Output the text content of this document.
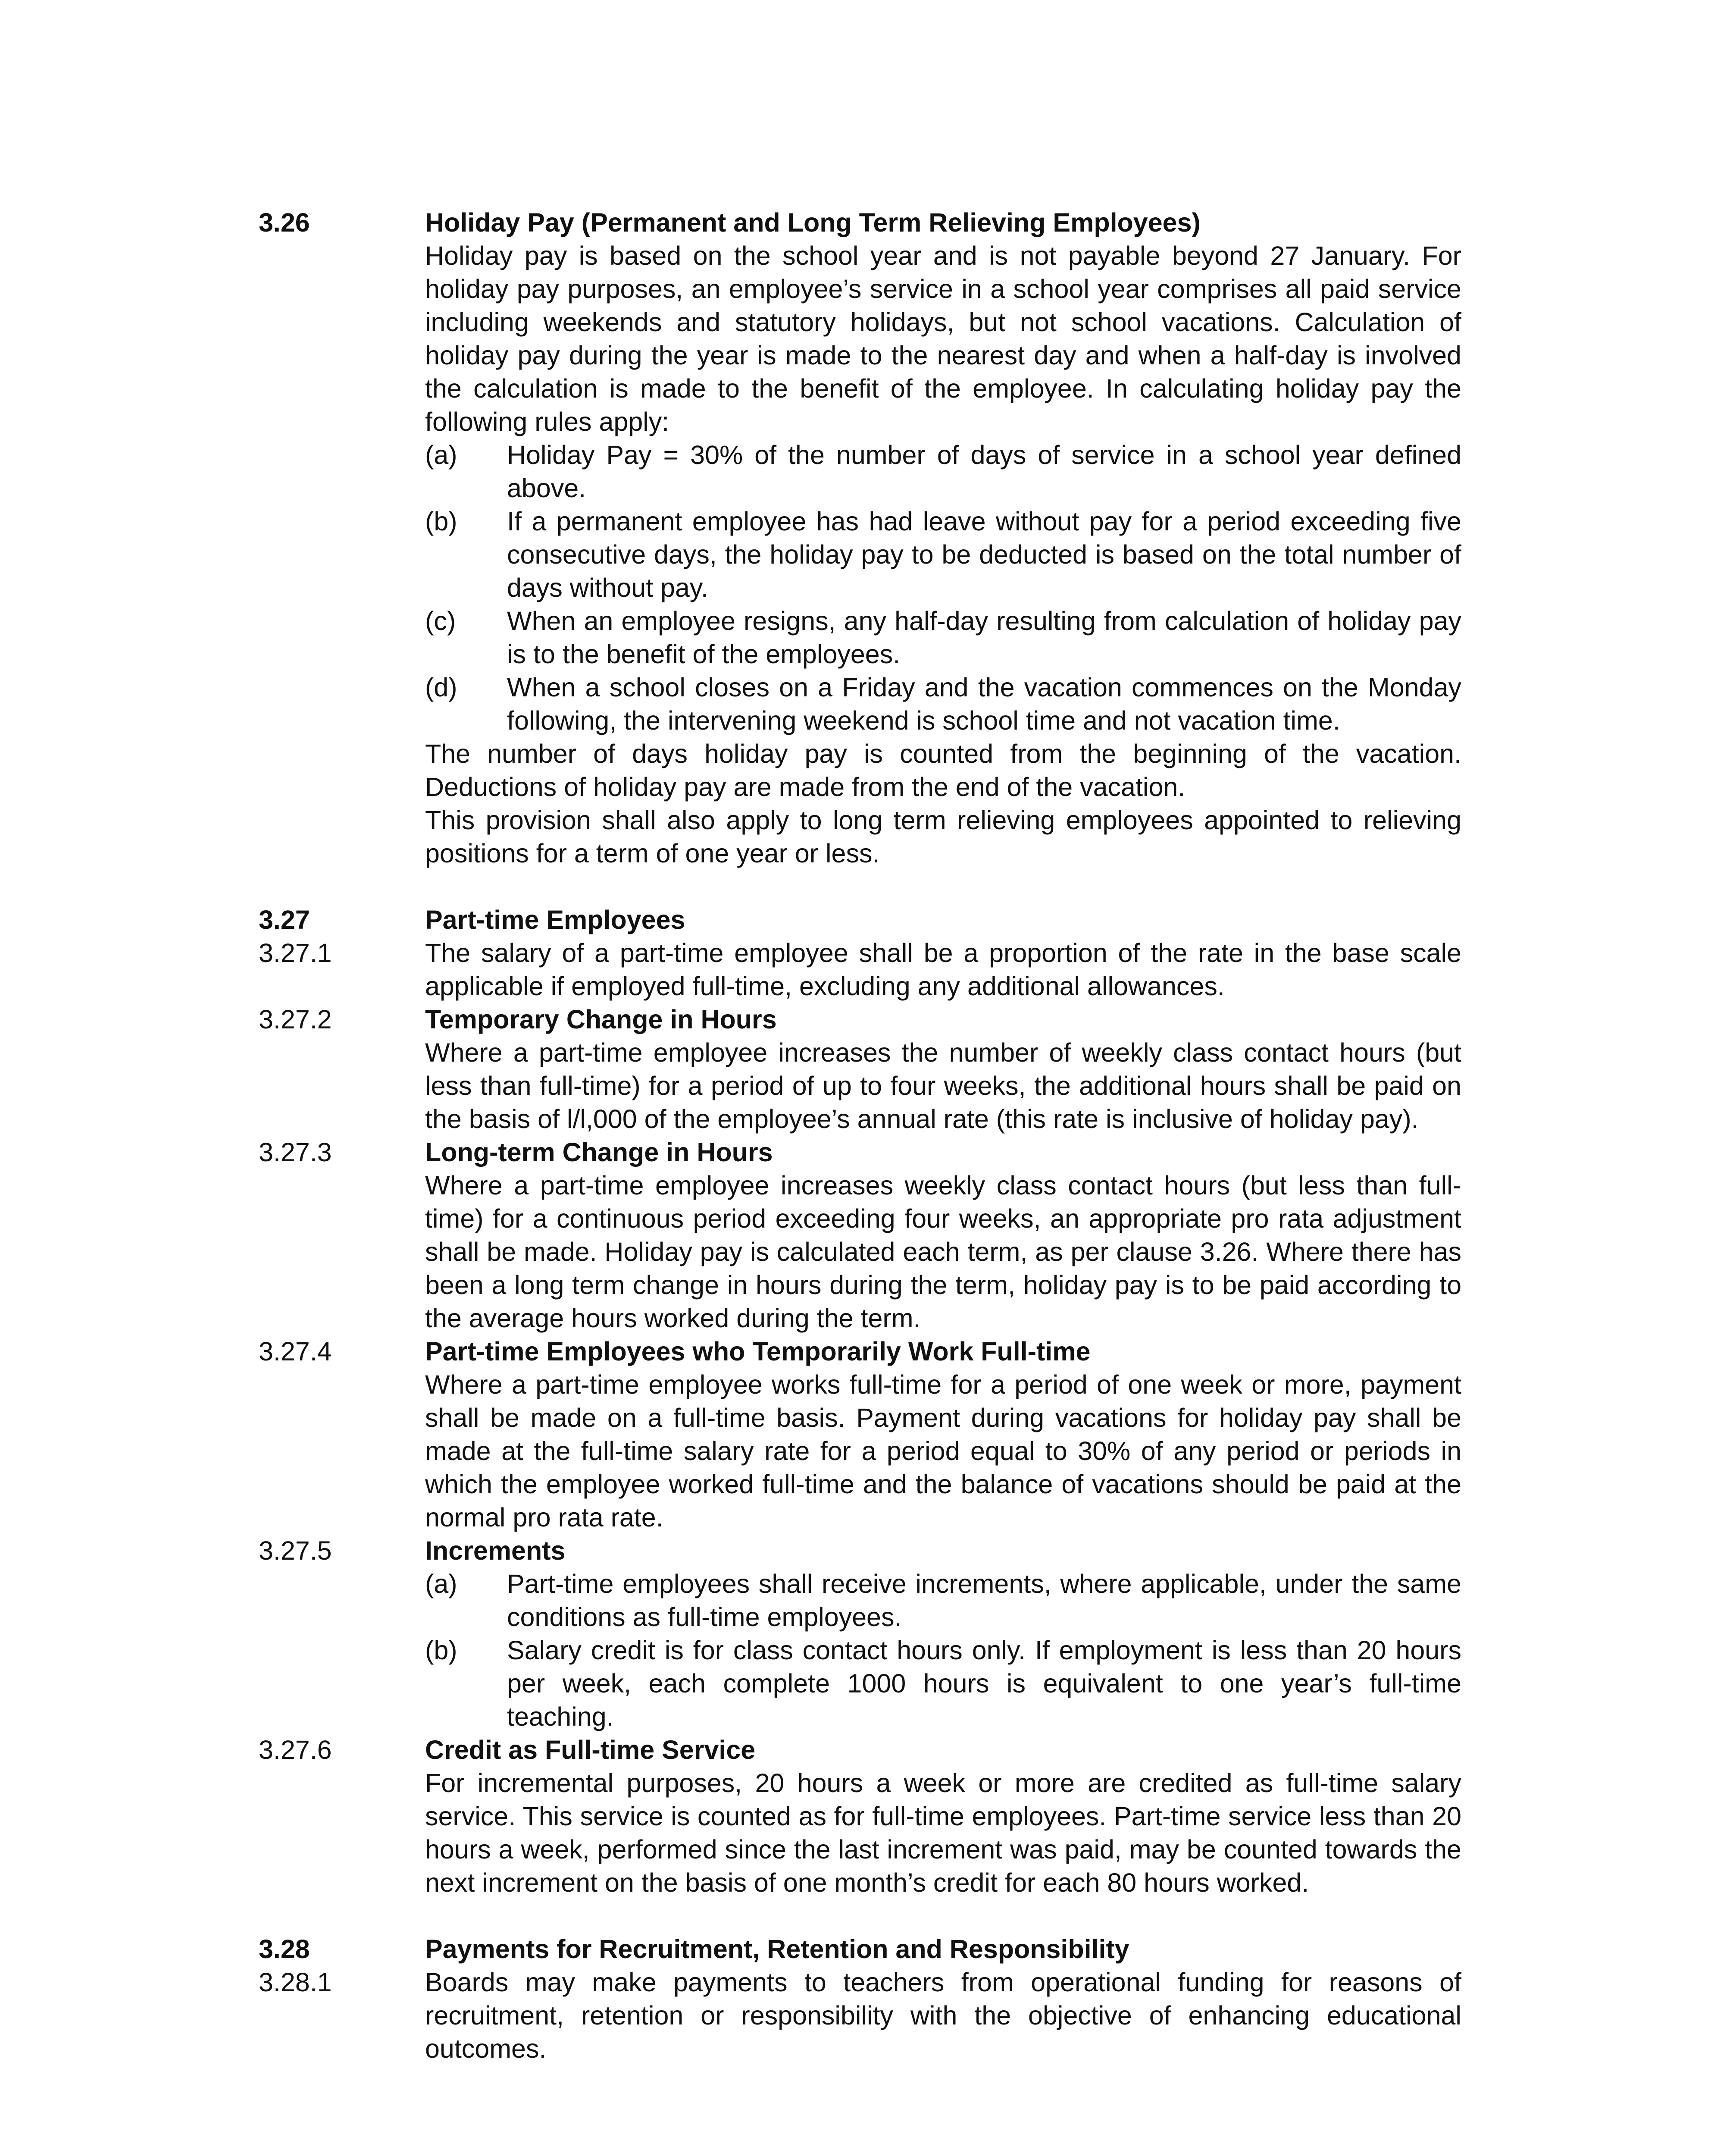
3.26	Holiday Pay (Permanent and Long Term Relieving Employees)
Holiday pay is based on the school year and is not payable beyond 27 January. For holiday pay purposes, an employee’s service in a school year comprises all paid service including weekends and statutory holidays, but not school vacations. Calculation of holiday pay during the year is made to the nearest day and when a half-day is involved the calculation is made to the benefit of the employee. In calculating holiday pay the following rules apply:
(a)	Holiday Pay = 30% of the number of days of service in a school year defined above.
(b)	If a permanent employee has had leave without pay for a period exceeding five consecutive days, the holiday pay to be deducted is based on the total number of days without pay.
(c)	When an employee resigns, any half-day resulting from calculation of holiday pay is to the benefit of the employees.
(d)	When a school closes on a Friday and the vacation commences on the Monday following, the intervening weekend is school time and not vacation time.
The number of days holiday pay is counted from the beginning of the vacation. Deductions of holiday pay are made from the end of the vacation.
This provision shall also apply to long term relieving employees appointed to relieving positions for a term of one year or less.
3.27	Part-time Employees
3.27.1	The salary of a part-time employee shall be a proportion of the rate in the base scale applicable if employed full-time, excluding any additional allowances.
3.27.2	Temporary Change in Hours
Where a part-time employee increases the number of weekly class contact hours (but less than full-time) for a period of up to four weeks, the additional hours shall be paid on the basis of l/l,000 of the employee’s annual rate (this rate is inclusive of holiday pay).
3.27.3	Long-term Change in Hours
Where a part-time employee increases weekly class contact hours (but less than full-time) for a continuous period exceeding four weeks, an appropriate pro rata adjustment shall be made. Holiday pay is calculated each term, as per clause 3.26. Where there has been a long term change in hours during the term, holiday pay is to be paid according to the average hours worked during the term.
3.27.4	Part-time Employees who Temporarily Work Full-time
Where a part-time employee works full-time for a period of one week or more, payment shall be made on a full-time basis. Payment during vacations for holiday pay shall be made at the full-time salary rate for a period equal to 30% of any period or periods in which the employee worked full-time and the balance of vacations should be paid at the normal pro rata rate.
3.27.5	Increments
(a)	Part-time employees shall receive increments, where applicable, under the same conditions as full-time employees.
(b)	Salary credit is for class contact hours only. If employment is less than 20 hours per week, each complete 1000 hours is equivalent to one year’s full-time teaching.
3.27.6	Credit as Full-time Service
For incremental purposes, 20 hours a week or more are credited as full-time salary service. This service is counted as for full-time employees. Part-time service less than 20 hours a week, performed since the last increment was paid, may be counted towards the next increment on the basis of one month’s credit for each 80 hours worked.
3.28	Payments for Recruitment, Retention and Responsibility
3.28.1	Boards may make payments to teachers from operational funding for reasons of recruitment, retention or responsibility with the objective of enhancing educational outcomes.
